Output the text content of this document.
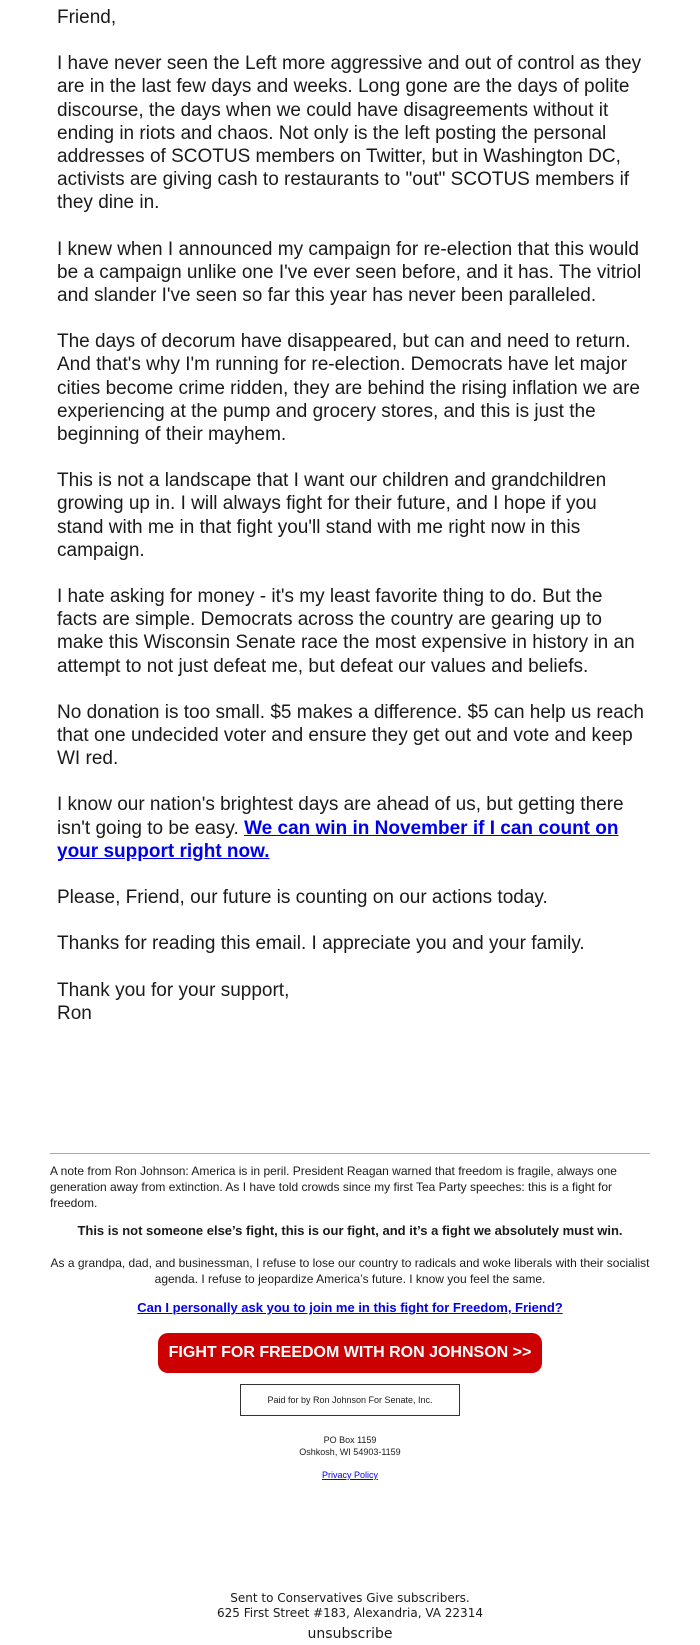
Friend,

I have never seen the Left more aggressive and out of control as they are in the last few days and weeks. Long gone are the days of polite discourse, the days when we could have disagreements without it ending in riots and chaos. Not only is the left posting the personal addresses of SCOTUS members on Twitter, but in Washington DC, activists are giving cash to restaurants to "out" SCOTUS members if they dine in.

I knew when I announced my campaign for re-election that this would be a campaign unlike one I've ever seen before, and it has. The vitriol and slander I've seen so far this year has never been paralleled.

The days of decorum have disappeared, but can and need to return. And that's why I'm running for re-election. Democrats have let major cities become crime ridden, they are behind the rising inflation we are experiencing at the pump and grocery stores, and this is just the beginning of their mayhem.

This is not a landscape that I want our children and grandchildren growing up in. I will always fight for their future, and I hope if you stand with me in that fight you'll stand with me right now in this campaign.

I hate asking for money - it's my least favorite thing to do. But the facts are simple. Democrats across the country are gearing up to make this Wisconsin Senate race the most expensive in history in an attempt to not just defeat me, but defeat our values and beliefs.

No donation is too small. $5 makes a difference. $5 can help us reach that one undecided voter and ensure they get out and vote and keep WI red.

I know our nation's brightest days are ahead of us, but getting there isn't going to be easy. We can win in November if I can count on your support right now.

Please, Friend, our future is counting on our actions today.

Thanks for reading this email. I appreciate you and your family.

Thank you for your support,
Ron

A note from Ron Johnson: America is in peril. President Reagan warned that freedom is fragile, always one generation away from extinction. As I have told crowds since my first Tea Party speeches: this is a fight for freedom.
This is not someone else’s fight, this is our fight, and it’s a fight we absolutely must win.
As a grandpa, dad, and businessman, I refuse to lose our country to radicals and woke liberals with their socialist agenda. I refuse to jeopardize America’s future. I know you feel the same.
Can I personally ask you to join me in this fight for Freedom, Friend?
FIGHT FOR FREEDOM WITH RON JOHNSON >>
Paid for by Ron Johnson For Senate, Inc.
PO Box 1159
Oshkosh, WI 54903-1159
Privacy Policy
Sent to Conservatives Give subscribers.
625 First Street #183, Alexandria, VA 22314
unsubscribe
